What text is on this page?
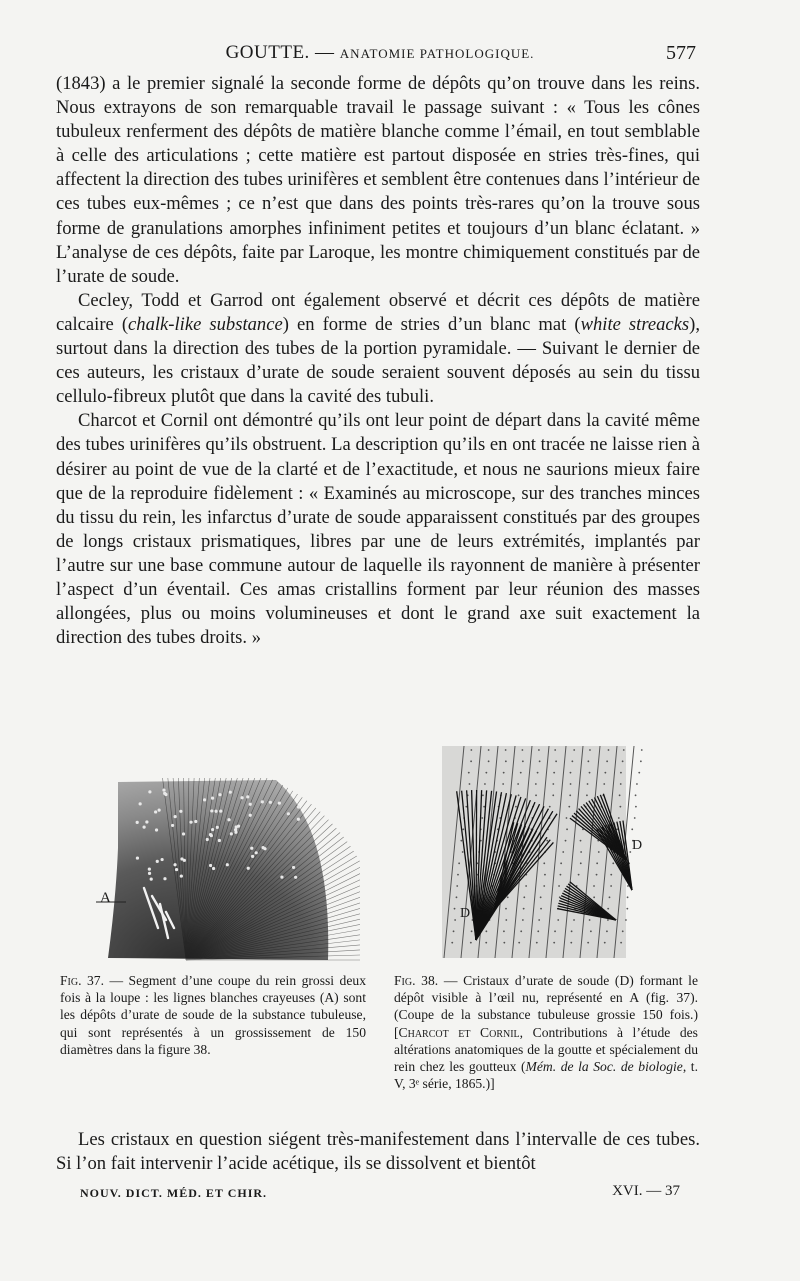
GOUTTE. — ANATOMIE PATHOLOGIQUE.	577

(1843) a le premier signalé la seconde forme de dépôts qu’on trouve dans les reins. Nous extrayons de son remarquable travail le passage suivant : « Tous les cônes tubuleux renferment des dépôts de matière blanche comme l’émail, en tout semblable à celle des articulations ; cette matière est partout disposée en stries très-fines, qui affectent la direction des tubes urinifères et semblent être contenues dans l’intérieur de ces tubes eux-mêmes ; ce n’est que dans des points très-rares qu’on la trouve sous forme de granulations amorphes infiniment petites et toujours d’un blanc éclatant. » L’analyse de ces dépôts, faite par Laroque, les montre chimiquement constitués par de l’urate de soude.

Cecley, Todd et Garrod ont également observé et décrit ces dépôts de matière calcaire (chalk-like substance) en forme de stries d’un blanc mat (white streacks), surtout dans la direction des tubes de la portion pyramidale. — Suivant le dernier de ces auteurs, les cristaux d’urate de soude seraient souvent déposés au sein du tissu cellulo-fibreux plutôt que dans la cavité des tubuli.

Charcot et Cornil ont démontré qu’ils ont leur point de départ dans la cavité même des tubes urinifères qu’ils obstruent. La description qu’ils en ont tracée ne laisse rien à désirer au point de vue de la clarté et de l’exactitude, et nous ne saurions mieux faire que de la reproduire fidèlement : « Examinés au microscope, sur des tranches minces du tissu du rein, les infarctus d’urate de soude apparaissent constitués par des groupes de longs cristaux prismatiques, libres par une de leurs extrémités, implantés par l’autre sur une base commune autour de laquelle ils rayonnent de manière à présenter l’aspect d’un éventail. Ces amas cristallins forment par leur réunion des masses allongées, plus ou moins volumineuses et dont le grand axe suit exactement la direction des tubes droits. »

A
D
D
Fig. 37. — Segment d’une coupe du rein grossi deux fois à la loupe : les lignes blanches crayeuses (A) sont les dépôts d’urate de soude de la substance tubuleuse, qui sont représentés à un grossissement de 150 diamètres dans la figure 38.
Fig. 38. — Cristaux d’urate de soude (D) formant le dépôt visible à l’œil nu, représenté en A (fig. 37). (Coupe de la substance tubuleuse grossie 150 fois.) [Charcot et Cornil, Contributions à l’étude des altérations anatomiques de la goutte et spécialement du rein chez les goutteux (Mém. de la Soc. de biologie, t. V, 3ᵉ série, 1865.)]

Les cristaux en question siégent très-manifestement dans l’intervalle de ces tubes. Si l’on fait intervenir l’acide acétique, ils se dissolvent et bientôt

NOUV. DICT. MÉD. ET CHIR.	XVI. — 37
